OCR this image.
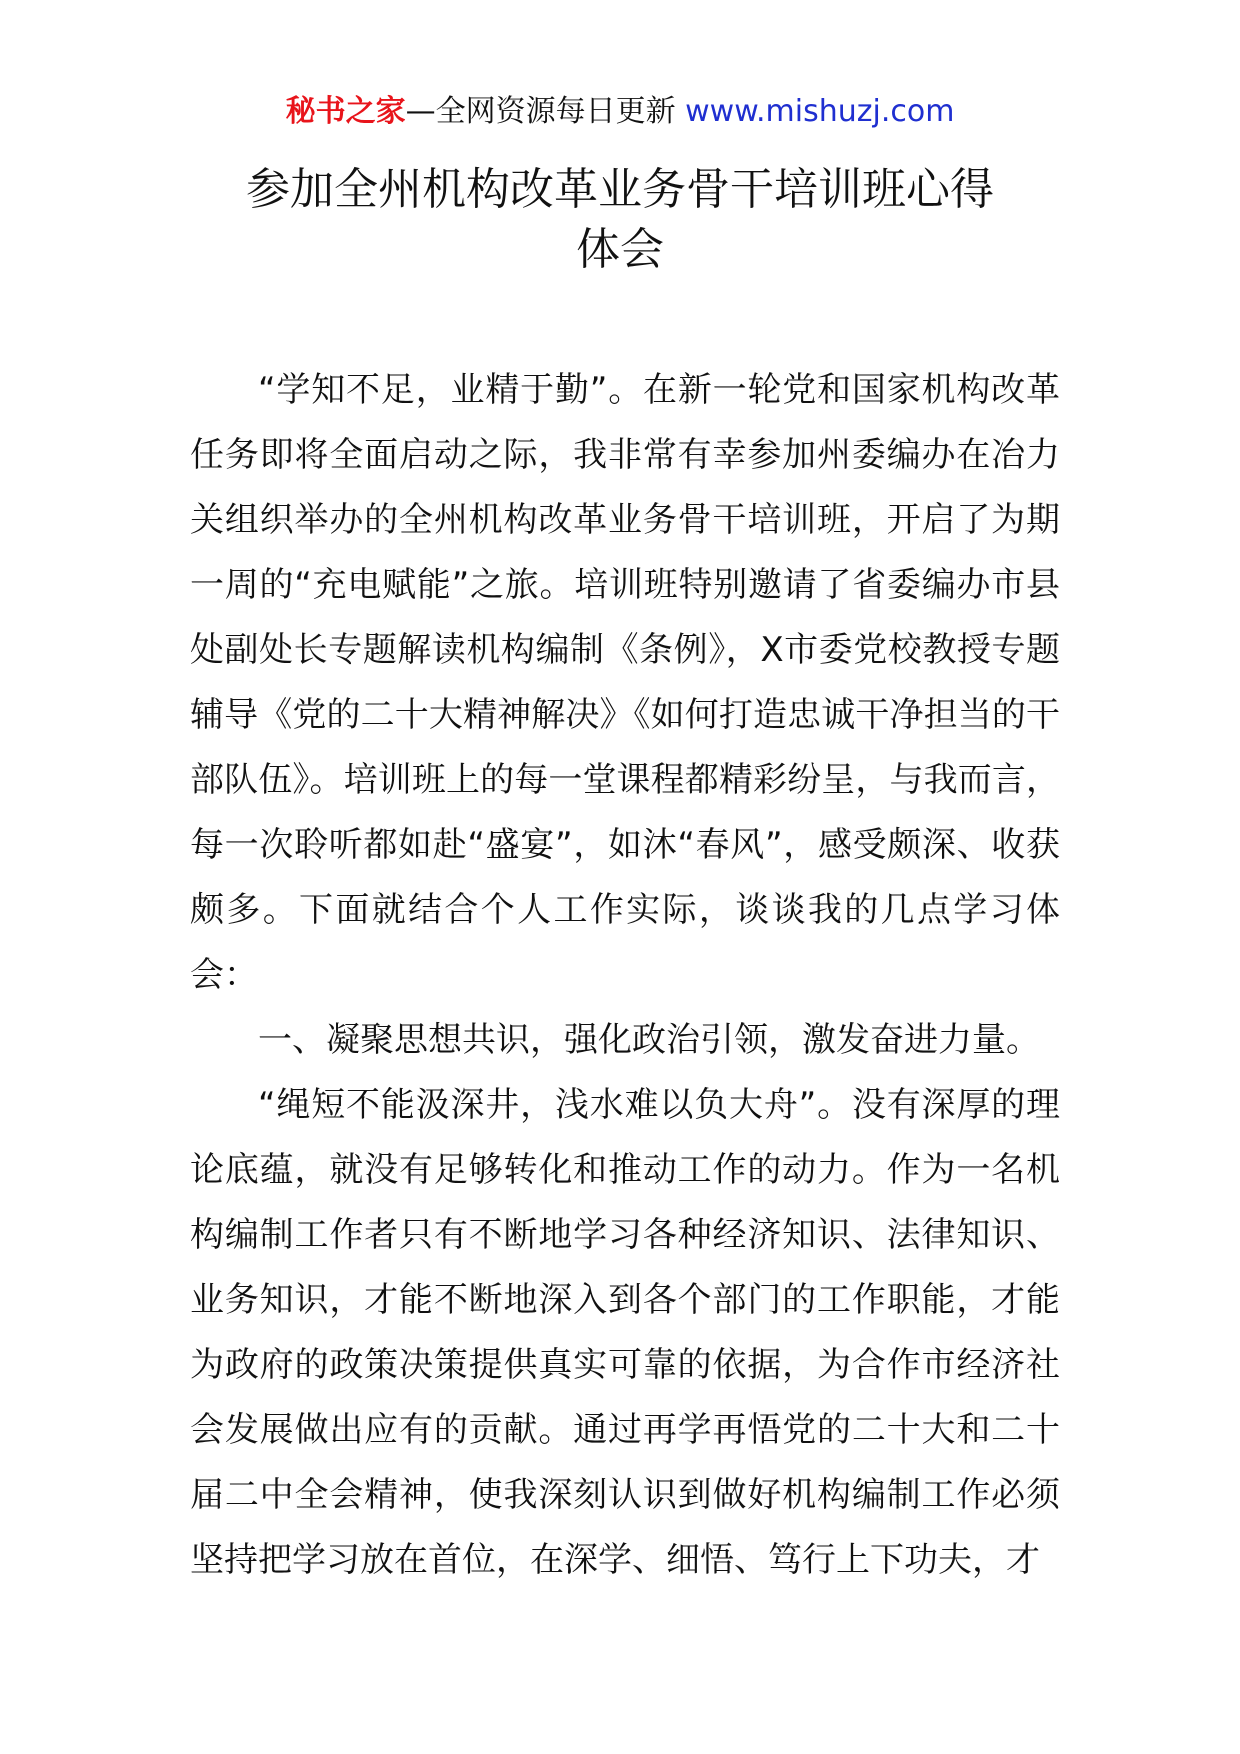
秘书之家—全网资源每日更新 www.mishuzj.com
参加全州机构改革业务骨干培训班心得
体会

“学知不足，业精于勤”。在新一轮党和国家机构改革任务即将全面启动之际，我非常有幸参加州委编办在冶力关组织举办的全州机构改革业务骨干培训班，开启了为期一周的“充电赋能”之旅。培训班特别邀请了省委编办市县处副处长专题解读机构编制《条例》，X市委党校教授专题辅导《党的二十大精神解决》《如何打造忠诚干净担当的干部队伍》。培训班上的每一堂课程都精彩纷呈，与我而言，每一次聆听都如赴“盛宴”，如沐“春风”，感受颇深、收获颇多。下面就结合个人工作实际，谈谈我的几点学习体会：

一、凝聚思想共识，强化政治引领，激发奋进力量。

“绳短不能汲深井，浅水难以负大舟”。没有深厚的理论底蕴，就没有足够转化和推动工作的动力。作为一名机构编制工作者只有不断地学习各种经济知识、法律知识、业务知识，才能不断地深入到各个部门的工作职能，才能为政府的政策决策提供真实可靠的依据，为合作市经济社会发展做出应有的贡献。通过再学再悟党的二十大和二十届二中全会精神，使我深刻认识到做好机构编制工作必须坚持把学习放在首位，在深学、细悟、笃行上下功夫，才
